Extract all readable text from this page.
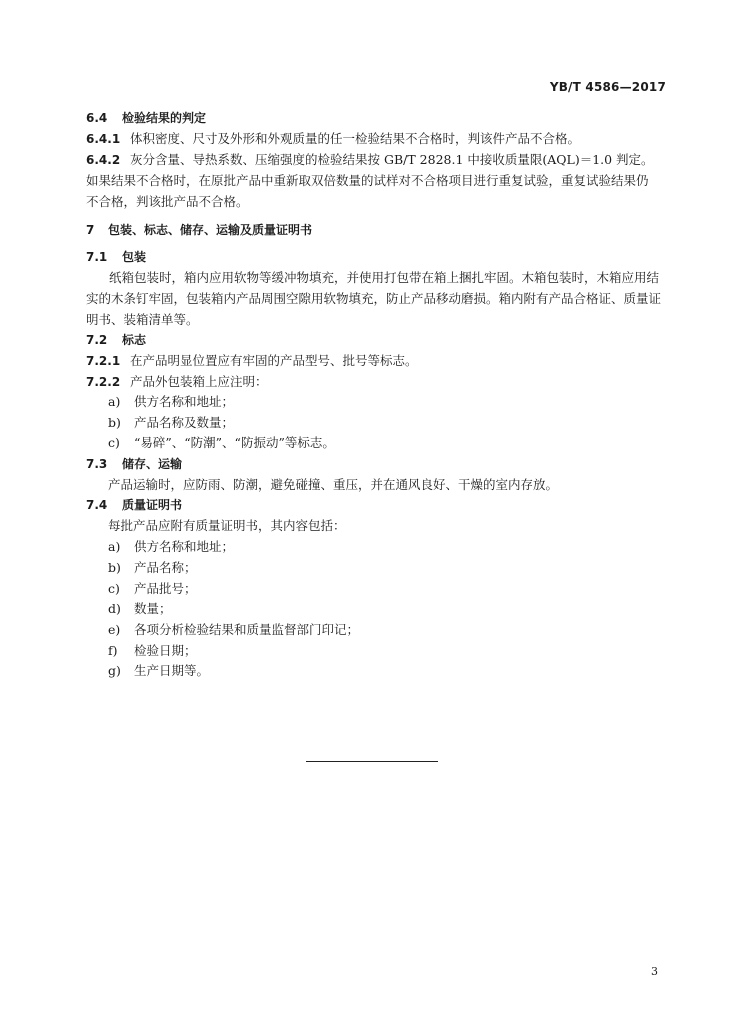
YB/T 4586—2017
6.4 检验结果的判定
6.4.1 体积密度、尺寸及外形和外观质量的任一检验结果不合格时，判该件产品不合格。
6.4.2 灰分含量、导热系数、压缩强度的检验结果按 GB/T 2828.1 中接收质量限(AQL)＝1.0 判定。
如果结果不合格时，在原批产品中重新取双倍数量的试样对不合格项目进行重复试验，重复试验结果仍
不合格，判该批产品不合格。
7 包装、标志、储存、运输及质量证明书
7.1 包装
纸箱包装时，箱内应用软物等缓冲物填充，并使用打包带在箱上捆扎牢固。木箱包装时，木箱应用结
实的木条钉牢固，包装箱内产品周围空隙用软物填充，防止产品移动磨损。箱内附有产品合格证、质量证
明书、装箱清单等。
7.2 标志
7.2.1 在产品明显位置应有牢固的产品型号、批号等标志。
7.2.2 产品外包装箱上应注明：
a) 供方名称和地址；
b) 产品名称及数量；
c) “易碎”、“防潮”、“防振动”等标志。
7.3 储存、运输
产品运输时，应防雨、防潮，避免碰撞、重压，并在通风良好、干燥的室内存放。
7.4 质量证明书
每批产品应附有质量证明书，其内容包括：
a) 供方名称和地址；
b) 产品名称；
c) 产品批号；
d) 数量；
e) 各项分析检验结果和质量监督部门印记；
f) 检验日期；
g) 生产日期等。
3
